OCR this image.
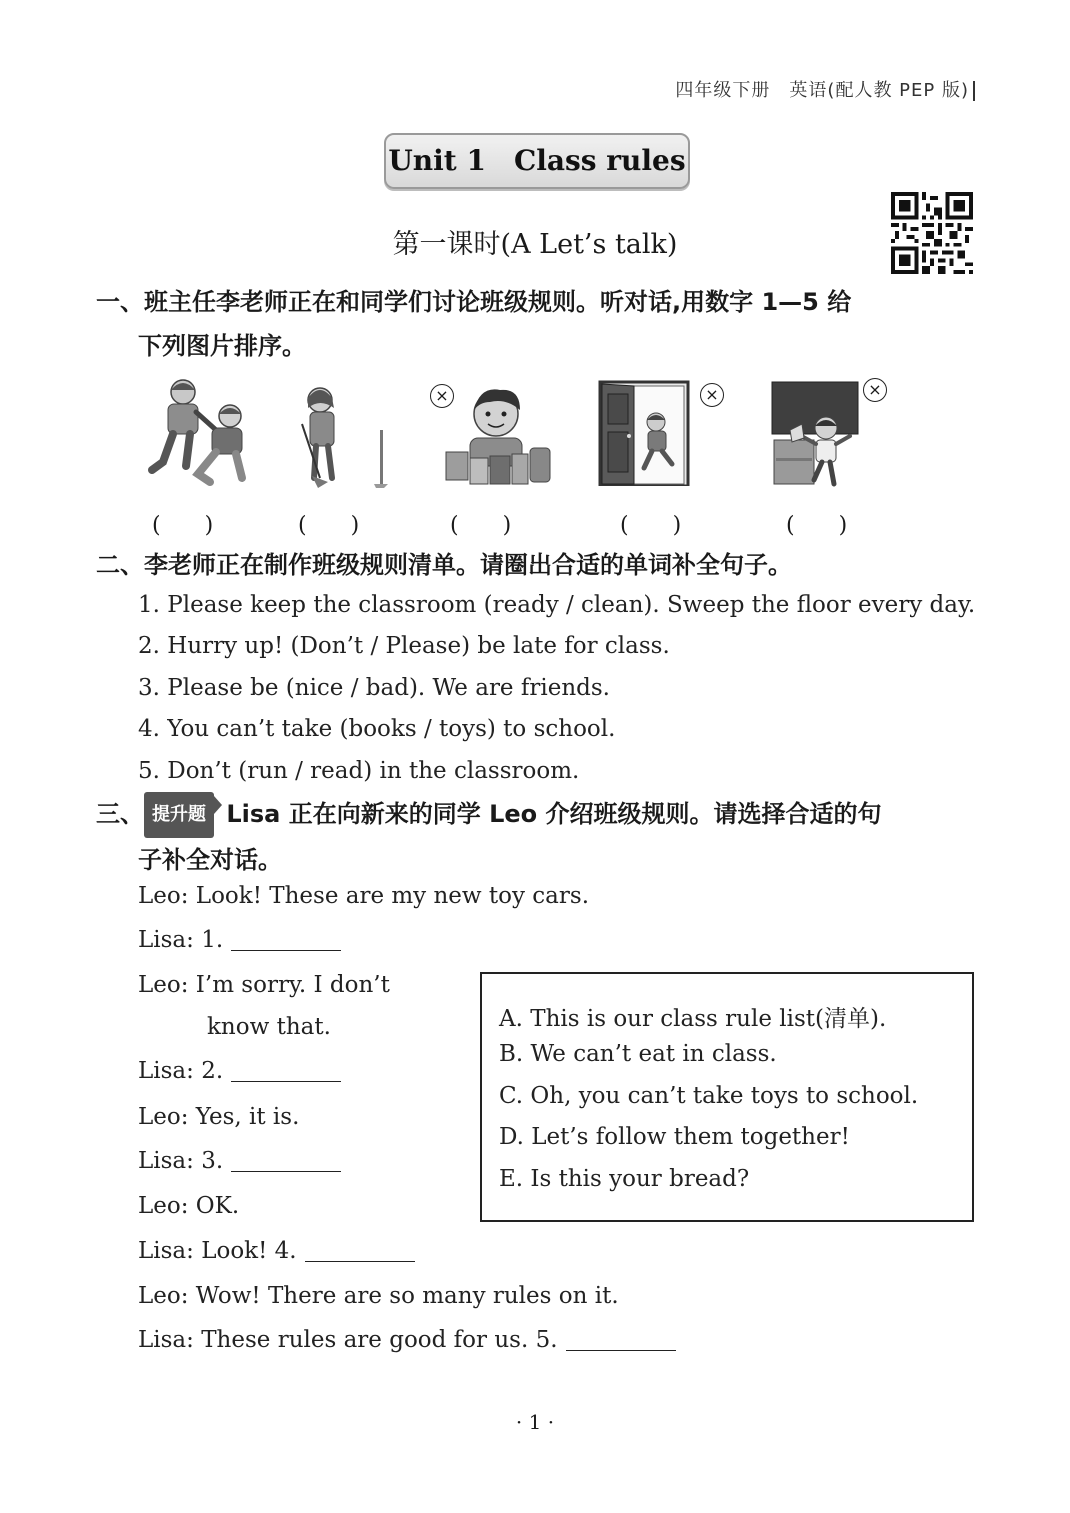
四年级下册　英语(配人教 PEP 版)
Unit 1　Class rules
第一课时(A Let’s talk)
一、班主任李老师正在和同学们讨论班级规则。听对话,用数字 1—5 给
下列图片排序。
×	×	×
(　　)	(　　)	(　　)	(　　)	(　　)
二、李老师正在制作班级规则清单。请圈出合适的单词补全句子。
1. Please keep the classroom (ready / clean). Sweep the floor every day.
2. Hurry up! (Don’t / Please) be late for class.
3. Please be (nice / bad). We are friends.
4. You can’t take (books / toys) to school.
5. Don’t (run / read) in the classroom.
三、 提升题 Lisa 正在向新来的同学 Leo 介绍班级规则。请选择合适的句
子补全对话。
Leo: Look! These are my new toy cars.
Lisa: 1.
Leo: I’m sorry. I don’t
know that.
Lisa: 2.
Leo: Yes, it is.
Lisa: 3.
Leo: OK.
Lisa: Look! 4.
Leo: Wow! There are so many rules on it.
Lisa: These rules are good for us. 5.
A. This is our class rule list(清单).
B. We can’t eat in class.
C. Oh, you can’t take toys to school.
D. Let’s follow them together!
E. Is this your bread?
· 1 ·
